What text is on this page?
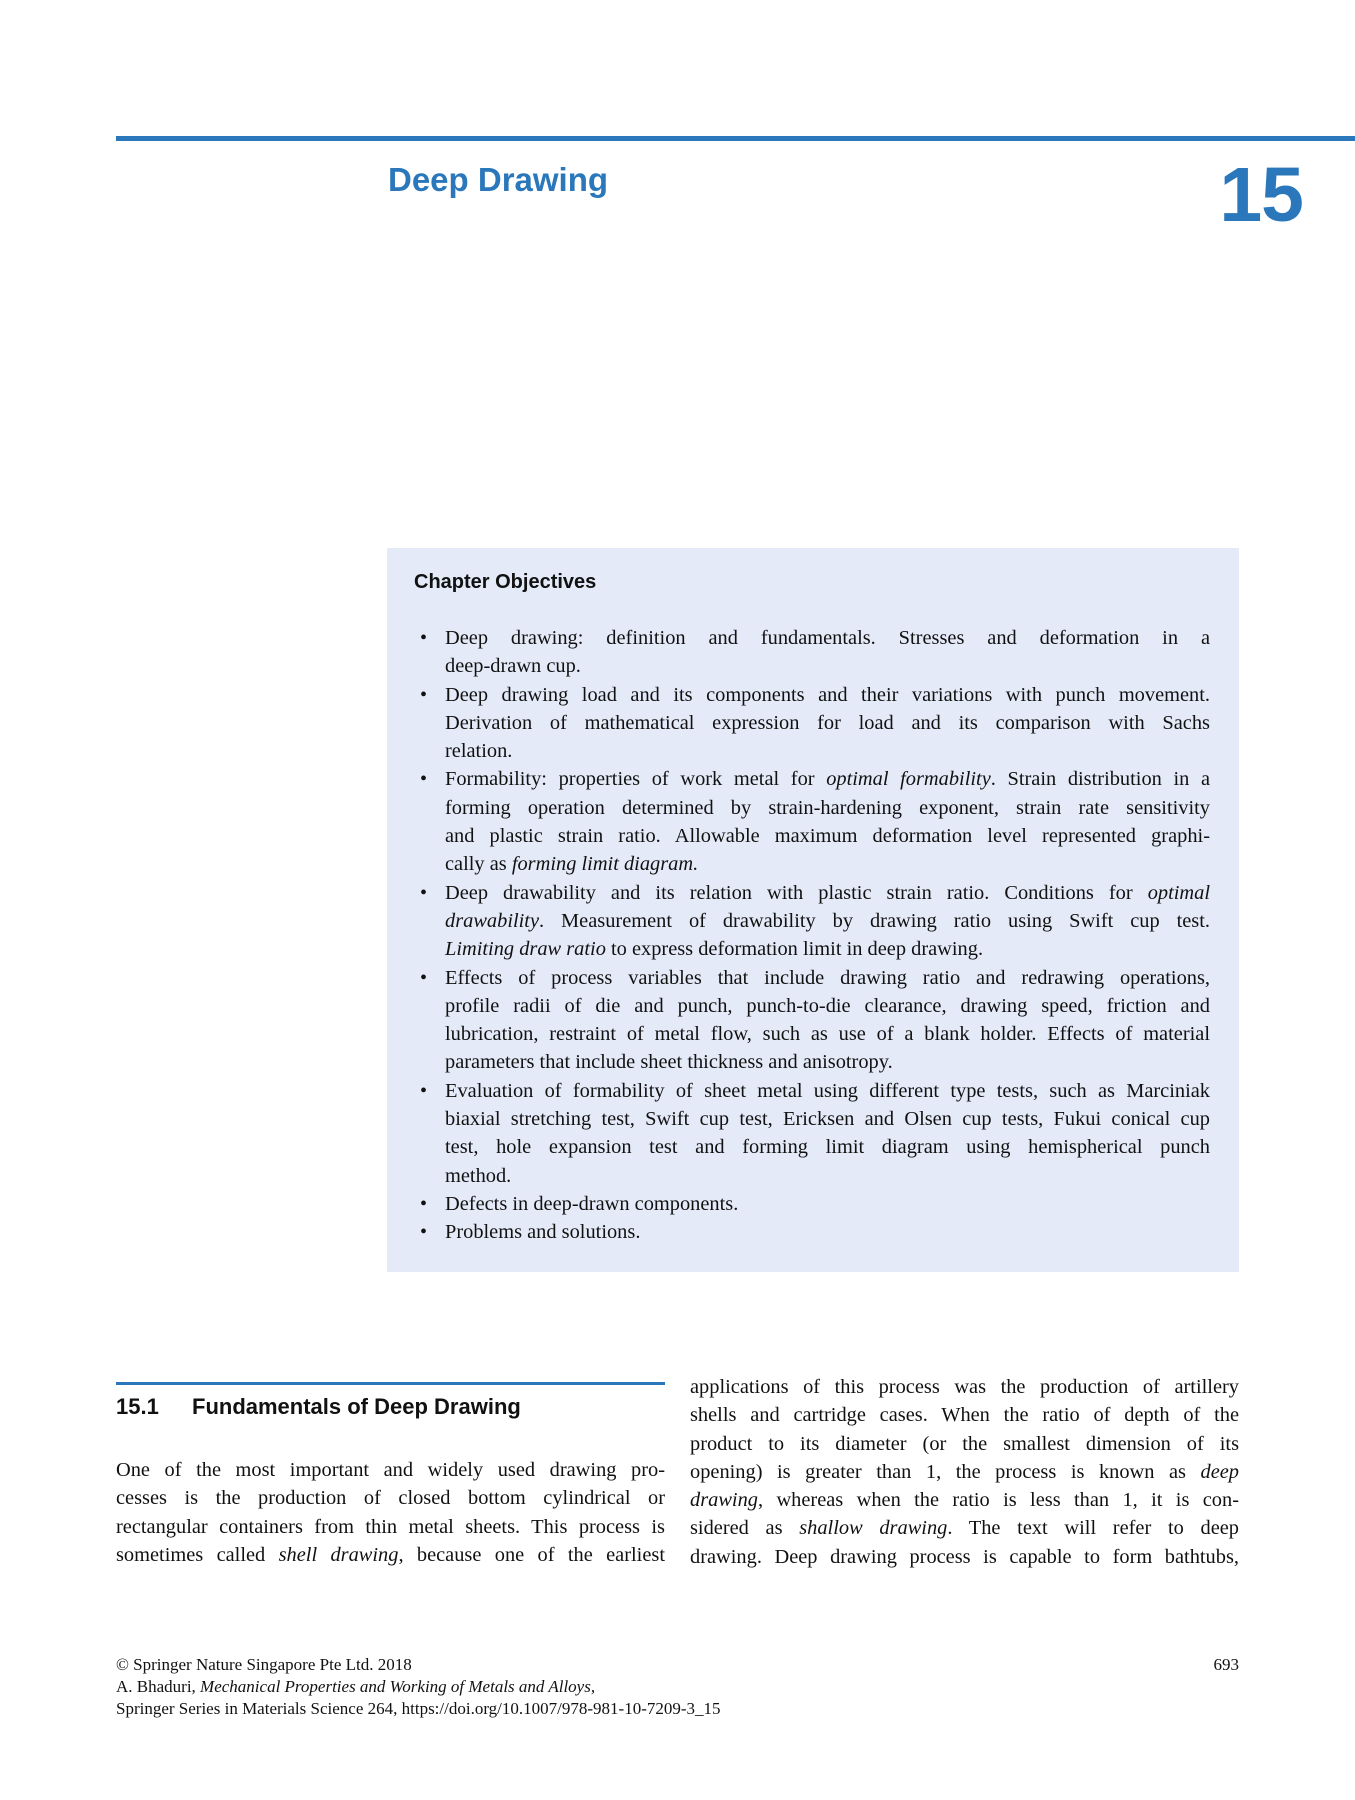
Deep Drawing	15
Chapter Objectives
• Deep drawing: definition and fundamentals. Stresses and deformation in a
deep-drawn cup.
• Deep drawing load and its components and their variations with punch movement.
Derivation of mathematical expression for load and its comparison with Sachs
relation.
• Formability: properties of work metal for optimal formability. Strain distribution in a
forming operation determined by strain-hardening exponent, strain rate sensitivity
and plastic strain ratio. Allowable maximum deformation level represented graphi-
cally as forming limit diagram.
• Deep drawability and its relation with plastic strain ratio. Conditions for optimal
drawability. Measurement of drawability by drawing ratio using Swift cup test.
Limiting draw ratio to express deformation limit in deep drawing.
• Effects of process variables that include drawing ratio and redrawing operations,
profile radii of die and punch, punch-to-die clearance, drawing speed, friction and
lubrication, restraint of metal flow, such as use of a blank holder. Effects of material
parameters that include sheet thickness and anisotropy.
• Evaluation of formability of sheet metal using different type tests, such as Marciniak
biaxial stretching test, Swift cup test, Ericksen and Olsen cup tests, Fukui conical cup
test, hole expansion test and forming limit diagram using hemispherical punch
method.
• Defects in deep-drawn components.
• Problems and solutions.
15.1 Fundamentals of Deep Drawing
One of the most important and widely used drawing pro-
cesses is the production of closed bottom cylindrical or
rectangular containers from thin metal sheets. This process is
sometimes called shell drawing, because one of the earliest
applications of this process was the production of artillery
shells and cartridge cases. When the ratio of depth of the
product to its diameter (or the smallest dimension of its
opening) is greater than 1, the process is known as deep
drawing, whereas when the ratio is less than 1, it is con-
sidered as shallow drawing. The text will refer to deep
drawing. Deep drawing process is capable to form bathtubs,
© Springer Nature Singapore Pte Ltd. 2018
A. Bhaduri, Mechanical Properties and Working of Metals and Alloys,
Springer Series in Materials Science 264, https://doi.org/10.1007/978-981-10-7209-3_15
693
